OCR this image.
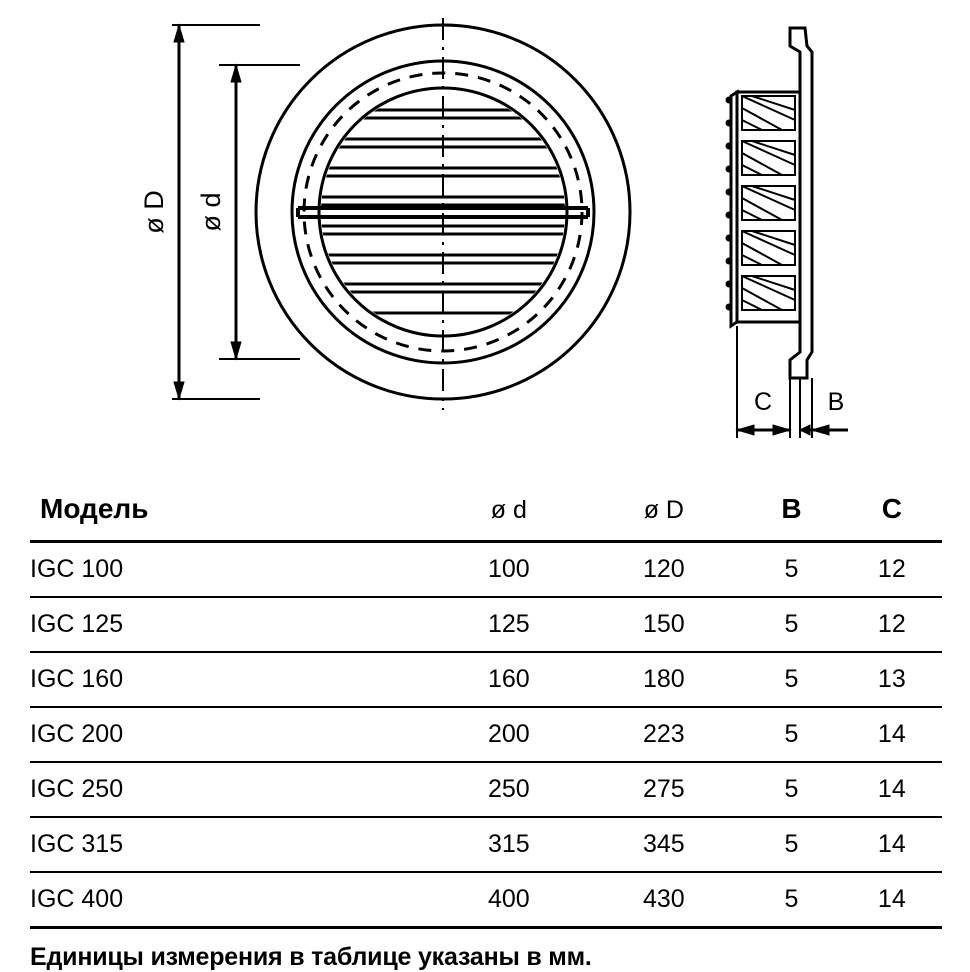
ø D ø d
C B
Модель	ø d	ø D	B	C
IGC 100	100	120	5	12
IGC 125	125	150	5	12
IGC 160	160	180	5	13
IGC 200	200	223	5	14
IGC 250	250	275	5	14
IGC 315	315	345	5	14
IGC 400	400	430	5	14
Единицы измерения в таблице указаны в мм.
